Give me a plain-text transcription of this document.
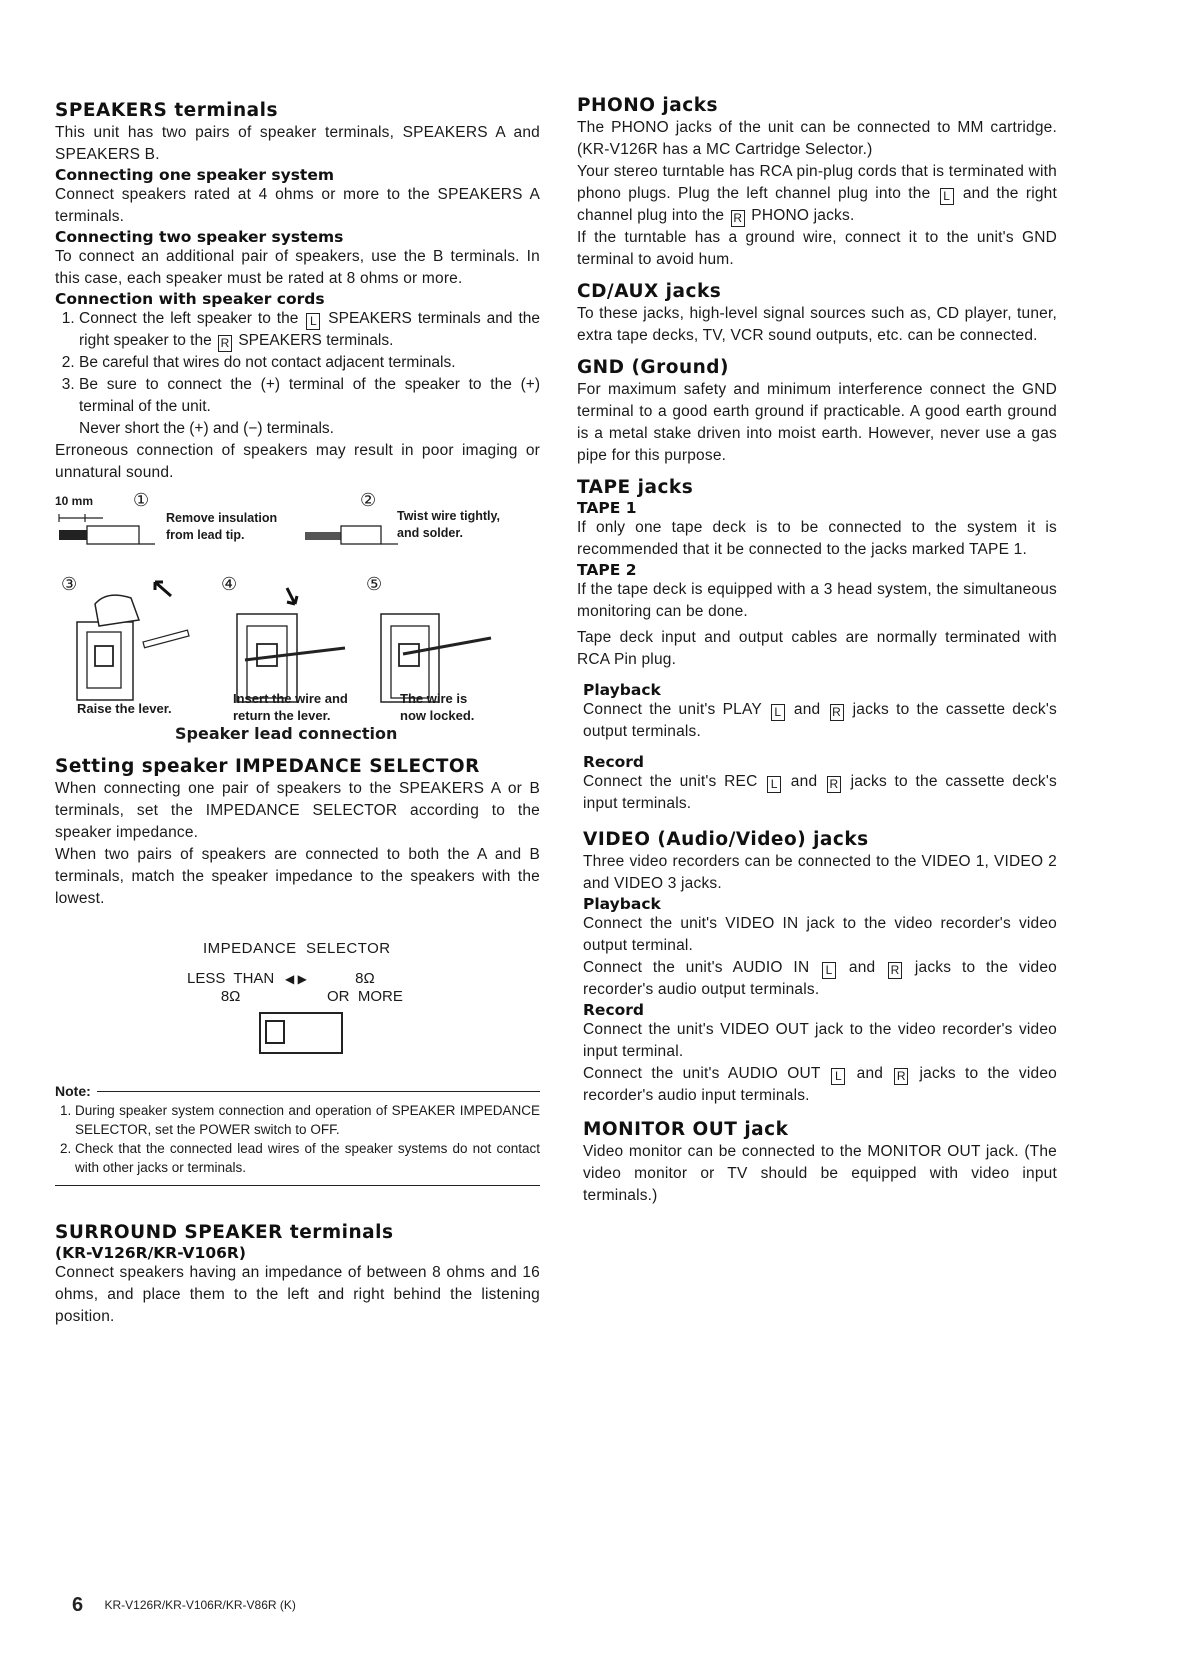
SPEAKERS terminals

This unit has two pairs of speaker terminals, SPEAKERS A and SPEAKERS B.

Connecting one speaker system

Connect speakers rated at 4 ohms or more to the SPEAKERS A terminals.

Connecting two speaker systems

To connect an additional pair of speakers, use the B terminals. In this case, each speaker must be rated at 8 ohms or more.

Connection with speaker cords
1. Connect the left speaker to the L SPEAKERS terminals and the right speaker to the R SPEAKERS terminals.
2. Be careful that wires do not contact adjacent terminals.
3. Be sure to connect the (+) terminal of the speaker to the (+) terminal of the unit.
Never short the (+) and (−) terminals.

Erroneous connection of speakers may result in poor imaging or unnatural sound.

10 mm ①	②
Remove insulation
from lead tip.
Twist wire tightly,
and solder.
③	④	⑤
Raise the lever.
Insert the wire and
return the lever.
The wire is
now locked.
Speaker lead connection
Setting speaker IMPEDANCE SELECTOR

When connecting one pair of speakers to the SPEAKERS A or B terminals, set the IMPEDANCE SELECTOR according to the speaker impedance.

When two pairs of speakers are connected to both the A and B terminals, match the speaker impedance to the speakers with the lowest.

IMPEDANCE  SELECTOR
LESS  THAN
8Ω
◀ ▶	8Ω
OR  MORE
Note:
1. During speaker system connection and operation of SPEAKER IMPEDANCE SELECTOR, set the POWER switch to OFF.
2. Check that the connected lead wires of the speaker systems do not contact with other jacks or terminals.
SURROUND SPEAKER terminals
(KR-V126R/KR-V106R)

Connect speakers having an impedance of between 8 ohms and 16 ohms, and place them to the left and right behind the listening position.

PHONO jacks

The PHONO jacks of the unit can be connected to MM cartridge. (KR-V126R has a MC Cartridge Selector.)

Your stereo turntable has RCA pin-plug cords that is terminated with phono plugs. Plug the left channel plug into the L and the right channel plug into the R PHONO jacks.

If the turntable has a ground wire, connect it to the unit's GND terminal to avoid hum.

CD/AUX jacks

To these jacks, high-level signal sources such as, CD player, tuner, extra tape decks, TV, VCR sound outputs, etc. can be connected.

GND (Ground)

For maximum safety and minimum interference connect the GND terminal to a good earth ground if practicable. A good earth ground is a metal stake driven into moist earth. However, never use a gas pipe for this purpose.

TAPE jacks
TAPE 1

If only one tape deck is to be connected to the system it is recommended that it be connected to the jacks marked TAPE 1.

TAPE 2

If the tape deck is equipped with a 3 head system, the simultaneous monitoring can be done.

Tape deck input and output cables are normally terminated with RCA Pin plug.

Playback

Connect the unit's PLAY L and R jacks to the cassette deck's output terminals.

Record

Connect the unit's REC L and R jacks to the cassette deck's input terminals.

VIDEO (Audio/Video) jacks

Three video recorders can be connected to the VIDEO 1, VIDEO 2 and VIDEO 3 jacks.

Playback

Connect the unit's VIDEO IN jack to the video recorder's video output terminal.

Connect the unit's AUDIO IN L and R jacks to the video recorder's audio output terminals.

Record

Connect the unit's VIDEO OUT jack to the video recorder's video input terminal.

Connect the unit's AUDIO OUT L and R jacks to the video recorder's audio input terminals.

MONITOR OUT jack

Video monitor can be connected to the MONITOR OUT jack. (The video monitor or TV should be equipped with video input terminals.)

6 KR-V126R/KR-V106R/KR-V86R (K)
